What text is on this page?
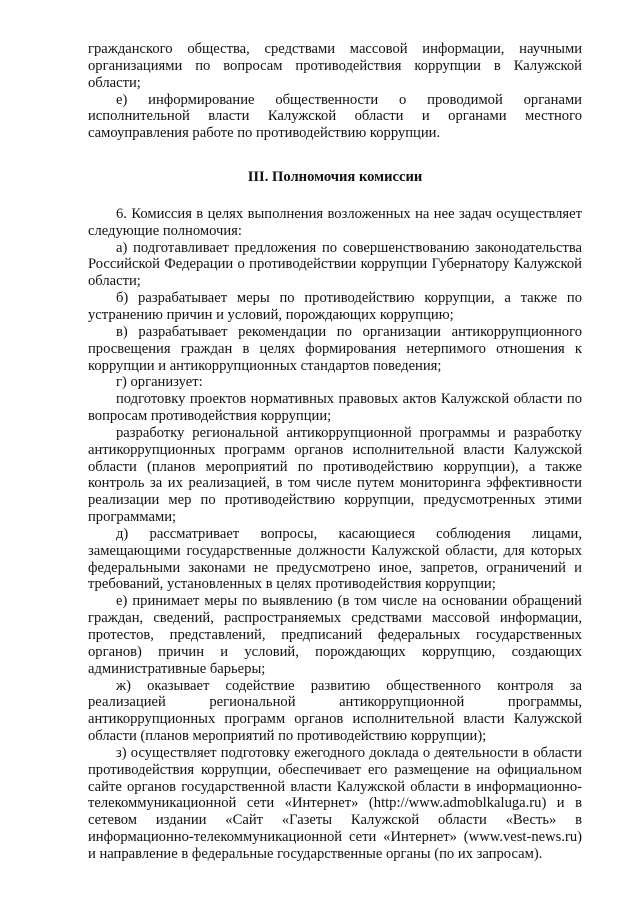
гражданского общества, средствами массовой информации, научными организациями по вопросам противодействия коррупции в Калужской области;

е) информирование общественности о проводимой органами исполнительной власти Калужской области и органами местного самоуправления работе по противодействию коррупции.

III. Полномочия комиссии

6. Комиссия в целях выполнения возложенных на нее задач осуществляет следующие полномочия:

а) подготавливает предложения по совершенствованию законодательства Российской Федерации о противодействии коррупции Губернатору Калужской области;

б) разрабатывает меры по противодействию коррупции, а также по устранению причин и условий, порождающих коррупцию;

в) разрабатывает рекомендации по организации антикоррупционного просвещения граждан в целях формирования нетерпимого отношения к коррупции и антикоррупционных стандартов поведения;

г) организует:

подготовку проектов нормативных правовых актов Калужской области по вопросам противодействия коррупции;

разработку региональной антикоррупционной программы и разработку антикоррупционных программ органов исполнительной власти Калужской области (планов мероприятий по противодействию коррупции), а также контроль за их реализацией, в том числе путем мониторинга эффективности реализации мер по противодействию коррупции, предусмотренных этими программами;

д) рассматривает вопросы, касающиеся соблюдения лицами, замещающими государственные должности Калужской области, для которых федеральными законами не предусмотрено иное, запретов, ограничений и требований, установленных в целях противодействия коррупции;

е) принимает меры по выявлению (в том числе на основании обращений граждан, сведений, распространяемых средствами массовой информации, протестов, представлений, предписаний федеральных государственных органов) причин и условий, порождающих коррупцию, создающих административные барьеры;

ж) оказывает содействие развитию общественного контроля за реализацией региональной антикоррупционной программы, антикоррупционных программ органов исполнительной власти Калужской области (планов мероприятий по противодействию коррупции);

з) осуществляет подготовку ежегодного доклада о деятельности в области противодействия коррупции, обеспечивает его размещение на официальном сайте органов государственной власти Калужской области в информационно-телекоммуникационной сети «Интернет» (http://www.admoblkaluga.ru) и в сетевом издании «Сайт «Газеты Калужской области «Весть» в информационно-телекоммуникационной сети «Интернет» (www.vest-news.ru) и направление в федеральные государственные органы (по их запросам).
